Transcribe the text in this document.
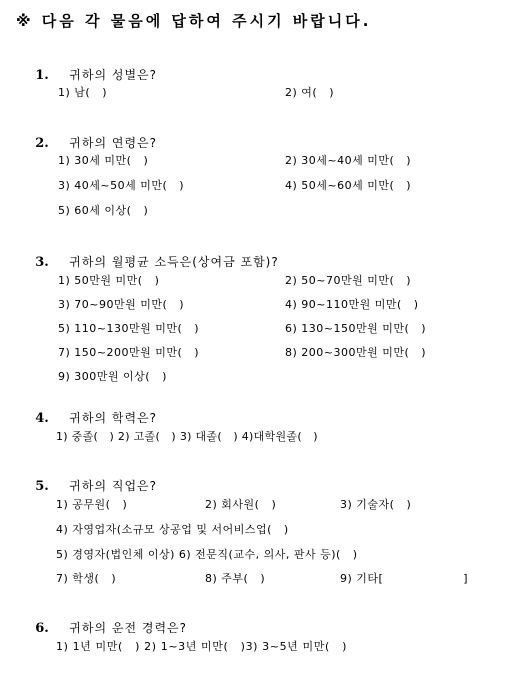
※ 다음 각 물음에 답하여 주시기 바랍니다.

1. 귀하의 성별은?

1) 남(   )	2) 여(   )

2. 귀하의 연령은?

1) 30세 미만(   )	2) 30세~40세 미만(   )
3) 40세~50세 미만(   )	4) 50세~60세 미만(   )
5) 60세 이상(   )

3. 귀하의 월평균 소득은(상여금 포함)?

1) 50만원 미만(   )	2) 50~70만원 미만(   )
3) 70~90만원 미만(   )	4) 90~110만원 미만(   )
5) 110~130만원 미만(   )	6) 130~150만원 미만(   )
7) 150~200만원 미만(   )	8) 200~300만원 미만(   )
9) 300만원 이상(   )

4. 귀하의 학력은?

1) 중졸(   ) 2) 고졸(   ) 3) 대졸(   ) 4)대학원졸(   )

5. 귀하의 직업은?

1) 공무원(   )	2) 회사원(   )	3) 기술자(   )
4) 자영업자(소규모 상공업 및 서어비스업(   )
5) 경영자(법인체 이상) 6) 전문직(교수, 의사, 판사 등)(   )
7) 학생(   )	8) 주부(   )	9) 기타[                    ]

6. 귀하의 운전 경력은?

1) 1년 미만(   ) 2) 1~3년 미만(   )3) 3~5년 미만(   )
